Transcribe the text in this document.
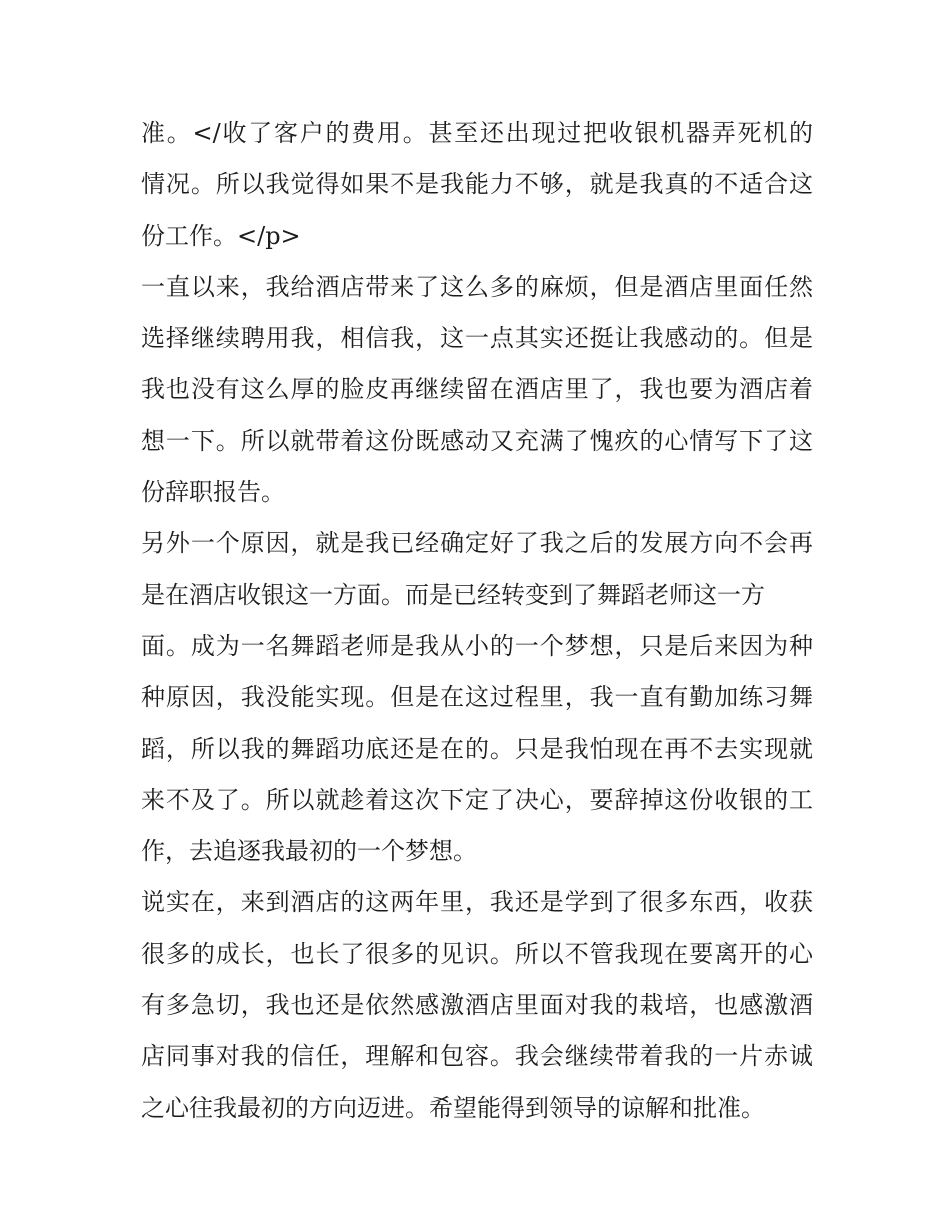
准。</收了客户的费用。甚至还出现过把收银机器弄死机的
情况。所以我觉得如果不是我能力不够，就是我真的不适合这
份工作。</p>
一直以来，我给酒店带来了这么多的麻烦，但是酒店里面任然
选择继续聘用我，相信我，这一点其实还挺让我感动的。但是
我也没有这么厚的脸皮再继续留在酒店里了，我也要为酒店着
想一下。所以就带着这份既感动又充满了愧疚的心情写下了这
份辞职报告。
另外一个原因，就是我已经确定好了我之后的发展方向不会再
是在酒店收银这一方面。而是已经转变到了舞蹈老师这一方
面。成为一名舞蹈老师是我从小的一个梦想，只是后来因为种
种原因，我没能实现。但是在这过程里，我一直有勤加练习舞
蹈，所以我的舞蹈功底还是在的。只是我怕现在再不去实现就
来不及了。所以就趁着这次下定了决心，要辞掉这份收银的工
作，去追逐我最初的一个梦想。
说实在，来到酒店的这两年里，我还是学到了很多东西，收获
很多的成长，也长了很多的见识。所以不管我现在要离开的心
有多急切，我也还是依然感激酒店里面对我的栽培，也感激酒
店同事对我的信任，理解和包容。我会继续带着我的一片赤诚
之心往我最初的方向迈进。希望能得到领导的谅解和批准。
